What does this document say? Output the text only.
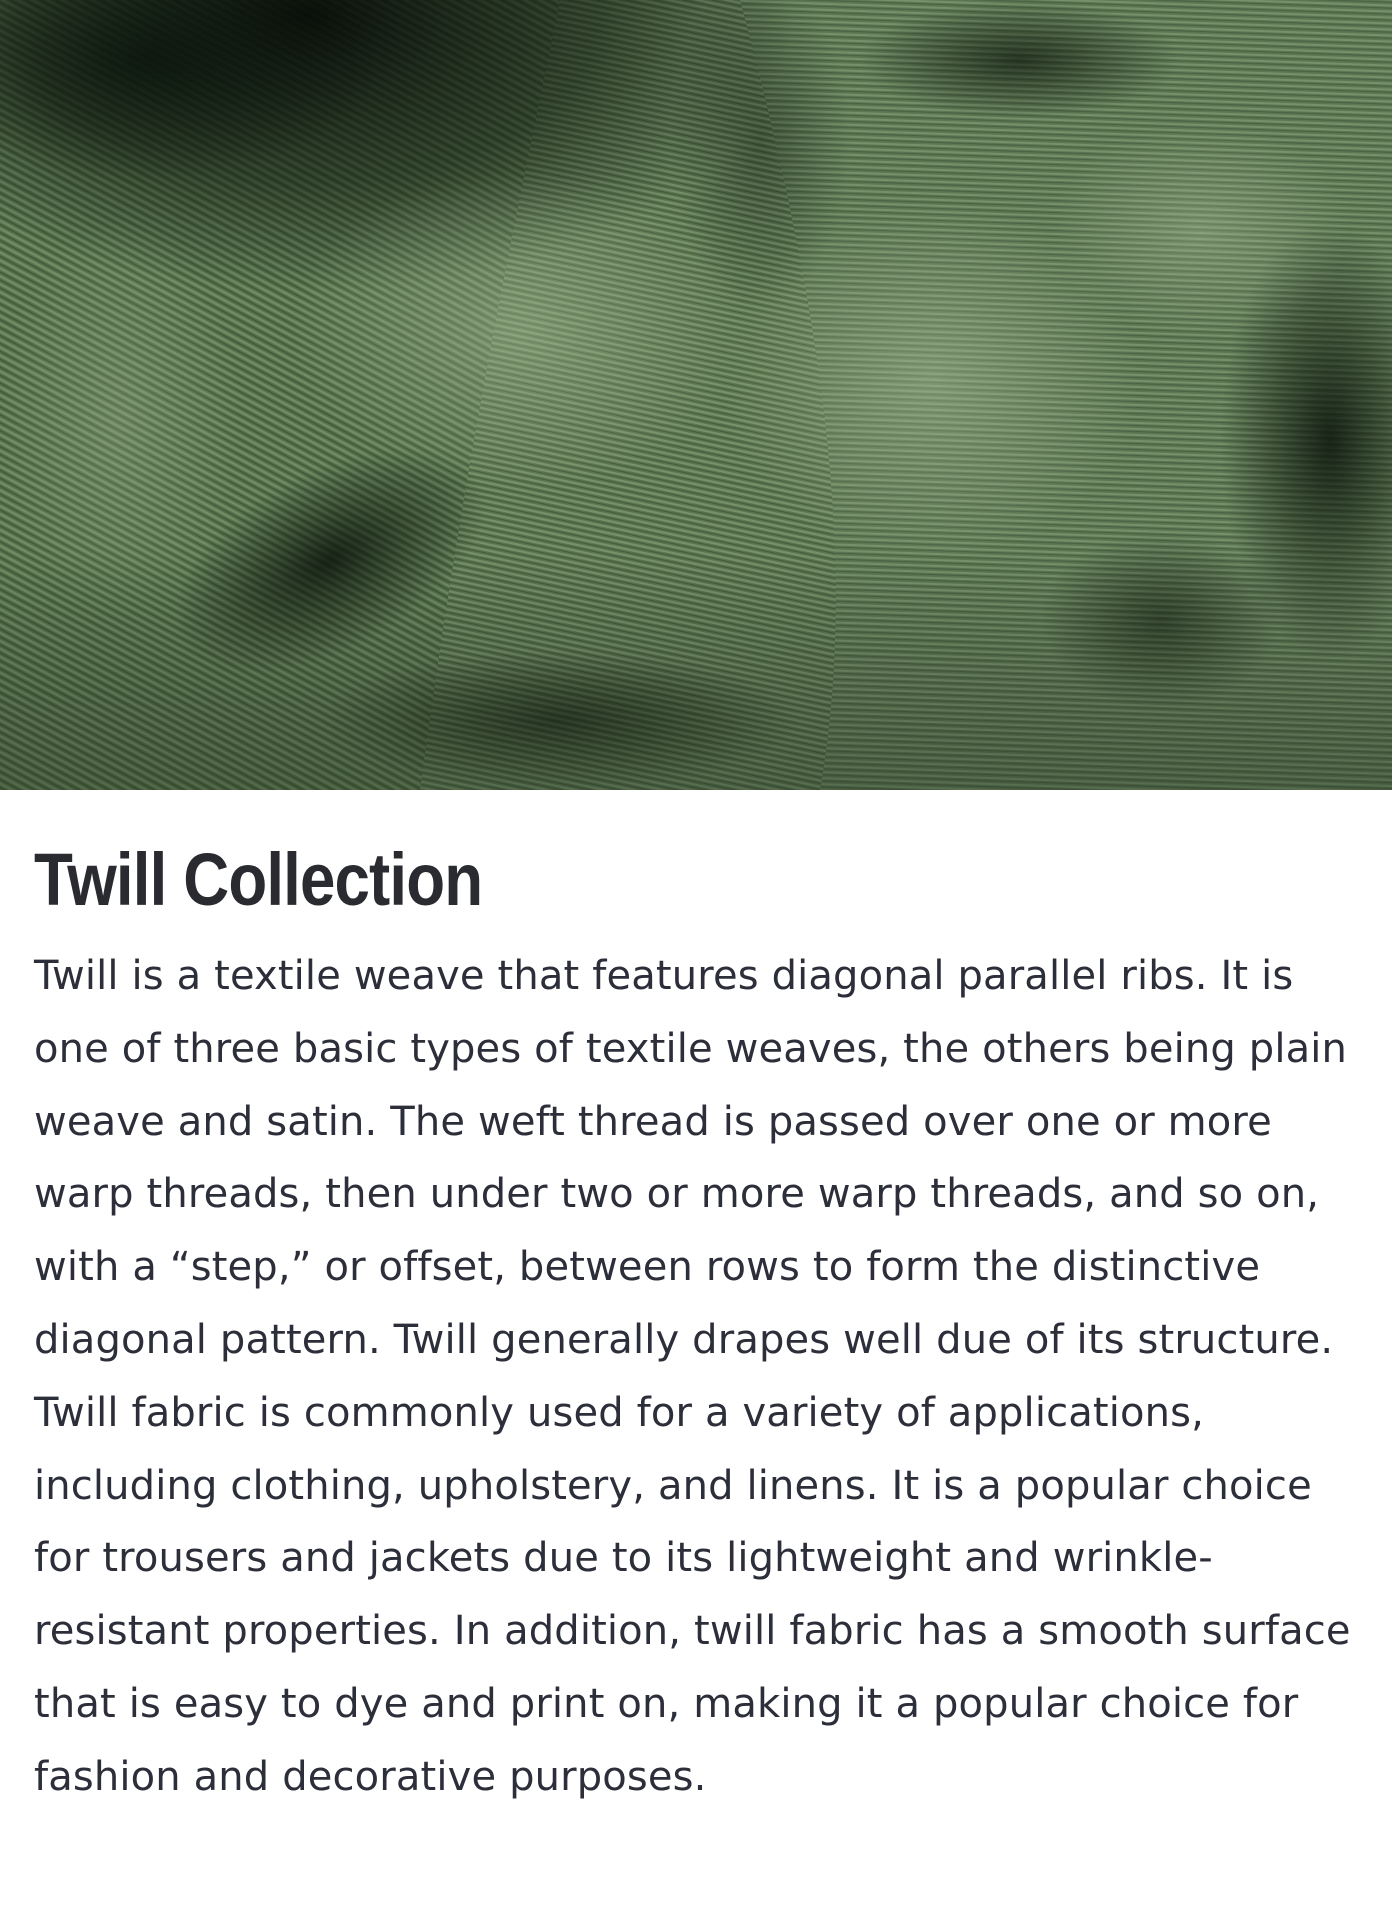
Twill Collection

Twill is a textile weave that features diagonal parallel ribs. It is one of three basic types of textile weaves, the others being plain weave and satin. The weft thread is passed over one or more warp threads, then under two or more warp threads, and so on, with a “step,” or offset, between rows to form the distinctive diagonal pattern. Twill generally drapes well due of its structure. Twill fabric is commonly used for a variety of applications, including clothing, upholstery, and linens. It is a popular choice for trousers and jackets due to its lightweight and wrinkle-resistant properties. In addition, twill fabric has a smooth surface that is easy to dye and print on, making it a popular choice for fashion and decorative purposes.
